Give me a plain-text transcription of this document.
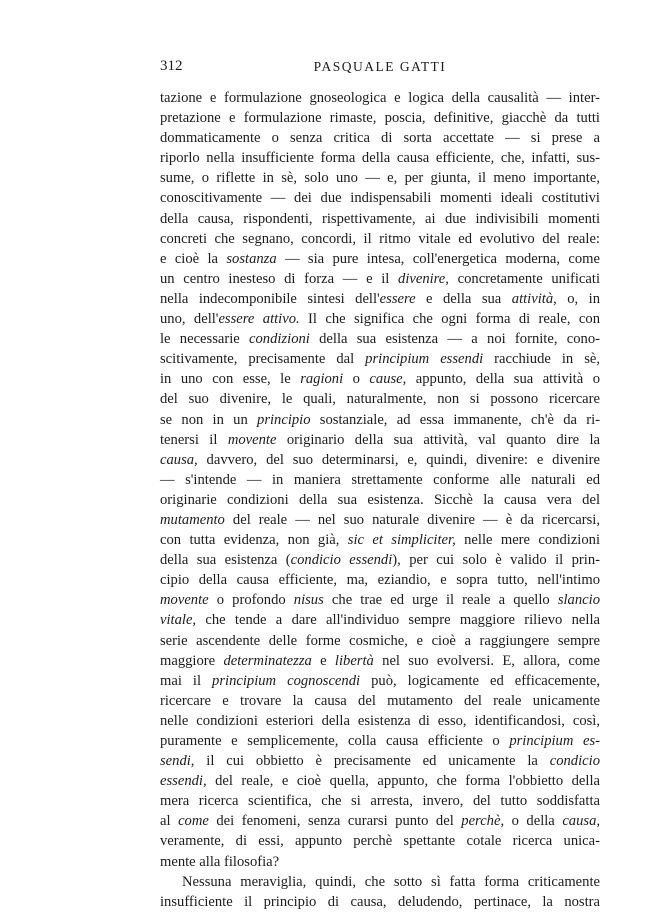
312	PASQUALE GATTI
tazione e formulazione gnoseologica e logica della causalità — inter-
pretazione e formulazione rimaste, poscia, definitive, giacchè da tutti
dommaticamente o senza critica di sorta accettate — si prese a
riporlo nella insufficiente forma della causa efficiente, che, infatti, sus-
sume, o riflette in sè, solo uno — e, per giunta, il meno importante,
conoscitivamente — dei due indispensabili momenti ideali costitutivi
della causa, rispondenti, rispettivamente, ai due indivisibili momenti
concreti che segnano, concordi, il ritmo vitale ed evolutivo del reale:
e cioè la sostanza — sia pure intesa, coll'energetica moderna, come
un centro inesteso di forza — e il divenire, concretamente unificati
nella indecomponibile sintesi dell'essere e della sua attività, o, in
uno, dell'essere attivo. Il che significa che ogni forma di reale, con
le necessarie condizioni della sua esistenza — a noi fornite, cono-
scitivamente, precisamente dal principium essendi racchiude in sè,
in uno con esse, le ragioni o cause, appunto, della sua attività o
del suo divenire, le quali, naturalmente, non si possono ricercare
se non in un principio sostanziale, ad essa immanente, ch'è da ri-
tenersi il movente originario della sua attività, val quanto dire la
causa, davvero, del suo determinarsi, e, quindi, divenire: e divenire
— s'intende — in maniera strettamente conforme alle naturali ed
originarie condizioni della sua esistenza. Sicchè la causa vera del
mutamento del reale — nel suo naturale divenire — è da ricercarsi,
con tutta evidenza, non già, sic et simpliciter, nelle mere condizioni
della sua esistenza (condicio essendi), per cui solo è valido il prin-
cipio della causa efficiente, ma, eziandio, e sopra tutto, nell'intimo
movente o profondo nisus che trae ed urge il reale a quello slancio
vitale, che tende a dare all'individuo sempre maggiore rilievo nella
serie ascendente delle forme cosmiche, e cioè a raggiungere sempre
maggiore determinatezza e libertà nel suo evolversi. E, allora, come
mai il principium cognoscendi può, logicamente ed efficacemente,
ricercare e trovare la causa del mutamento del reale unicamente
nelle condizioni esteriori della esistenza di esso, identificandosi, così,
puramente e semplicemente, colla causa efficiente o principium es-
sendi, il cui obbietto è precisamente ed unicamente la condicio
essendi, del reale, e cioè quella, appunto, che forma l'obbietto della
mera ricerca scientifica, che si arresta, invero, del tutto soddisfatta
al come dei fenomeni, senza curarsi punto del perchè, o della causa,
veramente, di essi, appunto perchè spettante cotale ricerca unica-
mente alla filosofia?
Nessuna meraviglia, quindi, che sotto sì fatta forma criticamente
insufficiente il principio di causa, deludendo, pertinace, la nostra
